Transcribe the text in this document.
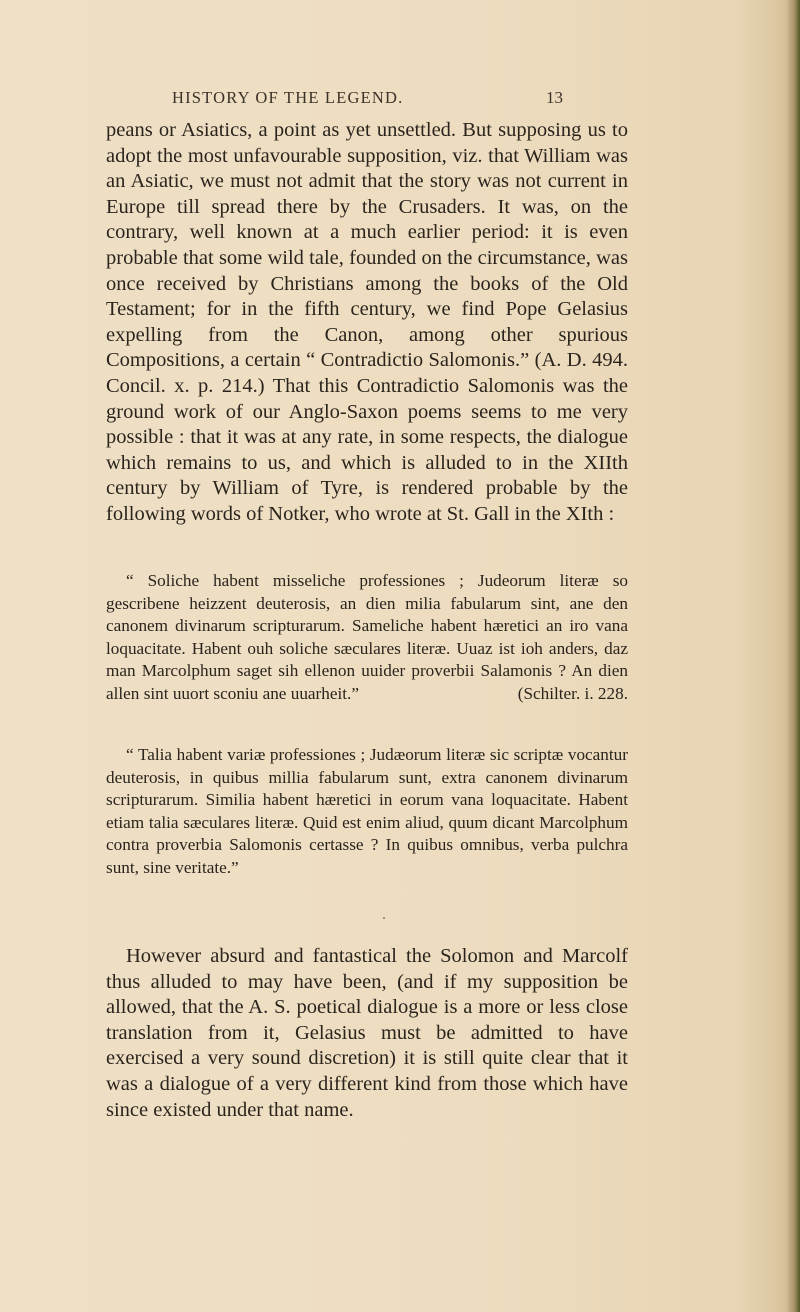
HISTORY OF THE LEGEND.	13

peans or Asiatics, a point as yet unsettled. But supposing us to adopt the most unfavourable supposition, viz. that William was an Asiatic, we must not admit that the story was not current in Europe till spread there by the Crusaders. It was, on the contrary, well known at a much earlier period: it is even probable that some wild tale, founded on the circumstance, was once received by Christians among the books of the Old Testament; for in the fifth century, we find Pope Gelasius expelling from the Canon, among other spurious Compositions, a certain “ Contradictio Salomonis.” (A. D. 494. Concil. x. p. 214.) That this Contradictio Salomonis was the ground work of our Anglo-Saxon poems seems to me very possible : that it was at any rate, in some respects, the dialogue which remains to us, and which is alluded to in the XIIth century by William of Tyre, is rendered probable by the following words of Notker, who wrote at St. Gall in the XIth :

“ Soliche habent misseliche professiones ; Judeorum literæ so gescribene heizzent deuterosis, an dien milia fabularum sint, ane den canonem divinarum scripturarum. Sameliche habent hæretici an iro vana loquacitate. Habent ouh soliche sæculares literæ. Uuaz ist ioh anders, daz man Marcolphum saget sih ellenon uuider proverbii Salamonis ? An dien allen sint uuort sconiu ane uuarheit.”	(Schilter. i. 228.

“ Talia habent variæ professiones ; Judæorum literæ sic scriptæ vocantur deuterosis, in quibus millia fabularum sunt, extra canonem divinarum scripturarum. Similia habent hæretici in eorum vana loquacitate. Habent etiam talia sæculares literæ. Quid est enim aliud, quum dicant Marcolphum contra proverbia Salomonis certasse ? In quibus omnibus, verba pulchra sunt, sine veritate.”

However absurd and fantastical the Solomon and Marcolf thus alluded to may have been, (and if my supposition be allowed, that the A. S. poetical dialogue is a more or less close translation from it, Gelasius must be admitted to have exercised a very sound discretion) it is still quite clear that it was a dialogue of a very different kind from those which have since existed under that name.
